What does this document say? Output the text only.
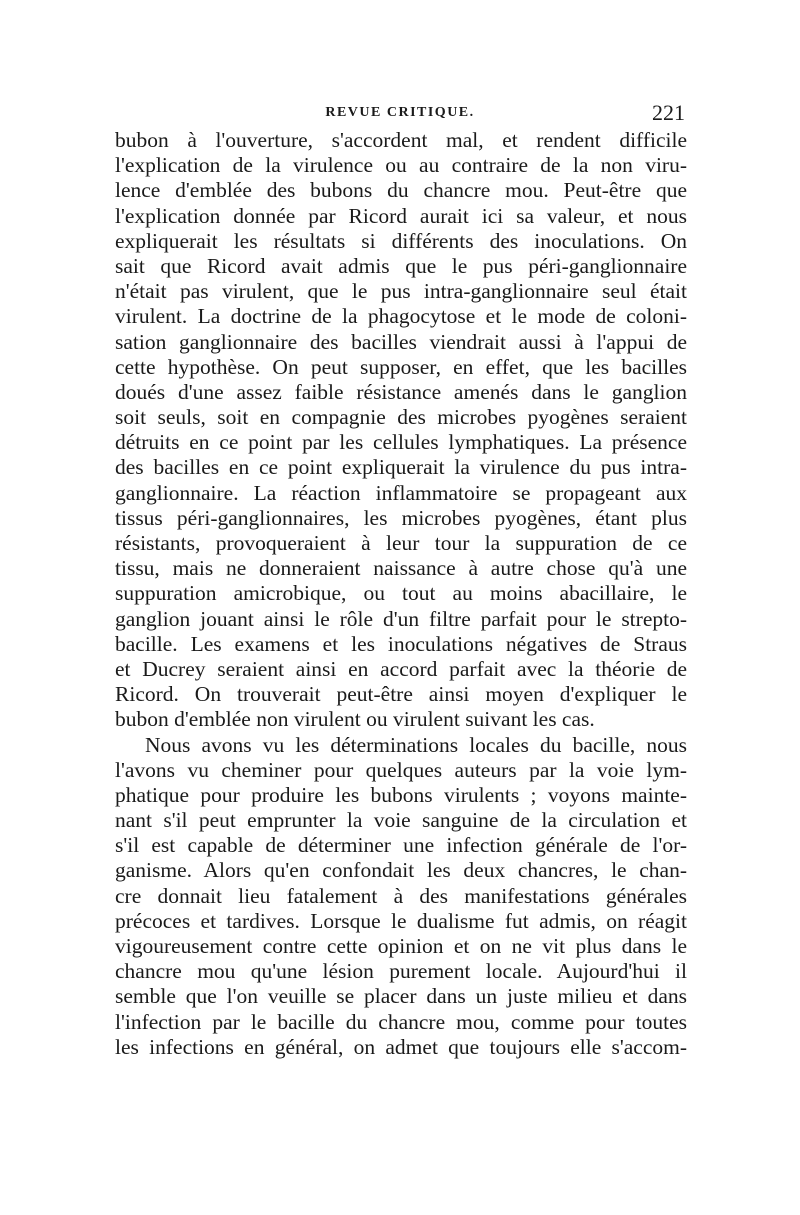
REVUE CRITIQUE.	221
bubon à l'ouverture, s'accordent mal, et rendent difficile
l'explication de la virulence ou au contraire de la non viru-
lence d'emblée des bubons du chancre mou. Peut-être que
l'explication donnée par Ricord aurait ici sa valeur, et nous
expliquerait les résultats si différents des inoculations. On
sait que Ricord avait admis que le pus péri-ganglionnaire
n'était pas virulent, que le pus intra-ganglionnaire seul était
virulent. La doctrine de la phagocytose et le mode de coloni-
sation ganglionnaire des bacilles viendrait aussi à l'appui de
cette hypothèse. On peut supposer, en effet, que les bacilles
doués d'une assez faible résistance amenés dans le ganglion
soit seuls, soit en compagnie des microbes pyogènes seraient
détruits en ce point par les cellules lymphatiques. La présence
des bacilles en ce point expliquerait la virulence du pus intra-
ganglionnaire. La réaction inflammatoire se propageant aux
tissus péri-ganglionnaires, les microbes pyogènes, étant plus
résistants, provoqueraient à leur tour la suppuration de ce
tissu, mais ne donneraient naissance à autre chose qu'à une
suppuration amicrobique, ou tout au moins abacillaire, le
ganglion jouant ainsi le rôle d'un filtre parfait pour le strepto-
bacille. Les examens et les inoculations négatives de Straus
et Ducrey seraient ainsi en accord parfait avec la théorie de
Ricord. On trouverait peut-être ainsi moyen d'expliquer le
bubon d'emblée non virulent ou virulent suivant les cas.
Nous avons vu les déterminations locales du bacille, nous
l'avons vu cheminer pour quelques auteurs par la voie lym-
phatique pour produire les bubons virulents ; voyons mainte-
nant s'il peut emprunter la voie sanguine de la circulation et
s'il est capable de déterminer une infection générale de l'or-
ganisme. Alors qu'en confondait les deux chancres, le chan-
cre donnait lieu fatalement à des manifestations générales
précoces et tardives. Lorsque le dualisme fut admis, on réagit
vigoureusement contre cette opinion et on ne vit plus dans le
chancre mou qu'une lésion purement locale. Aujourd'hui il
semble que l'on veuille se placer dans un juste milieu et dans
l'infection par le bacille du chancre mou, comme pour toutes
les infections en général, on admet que toujours elle s'accom-
